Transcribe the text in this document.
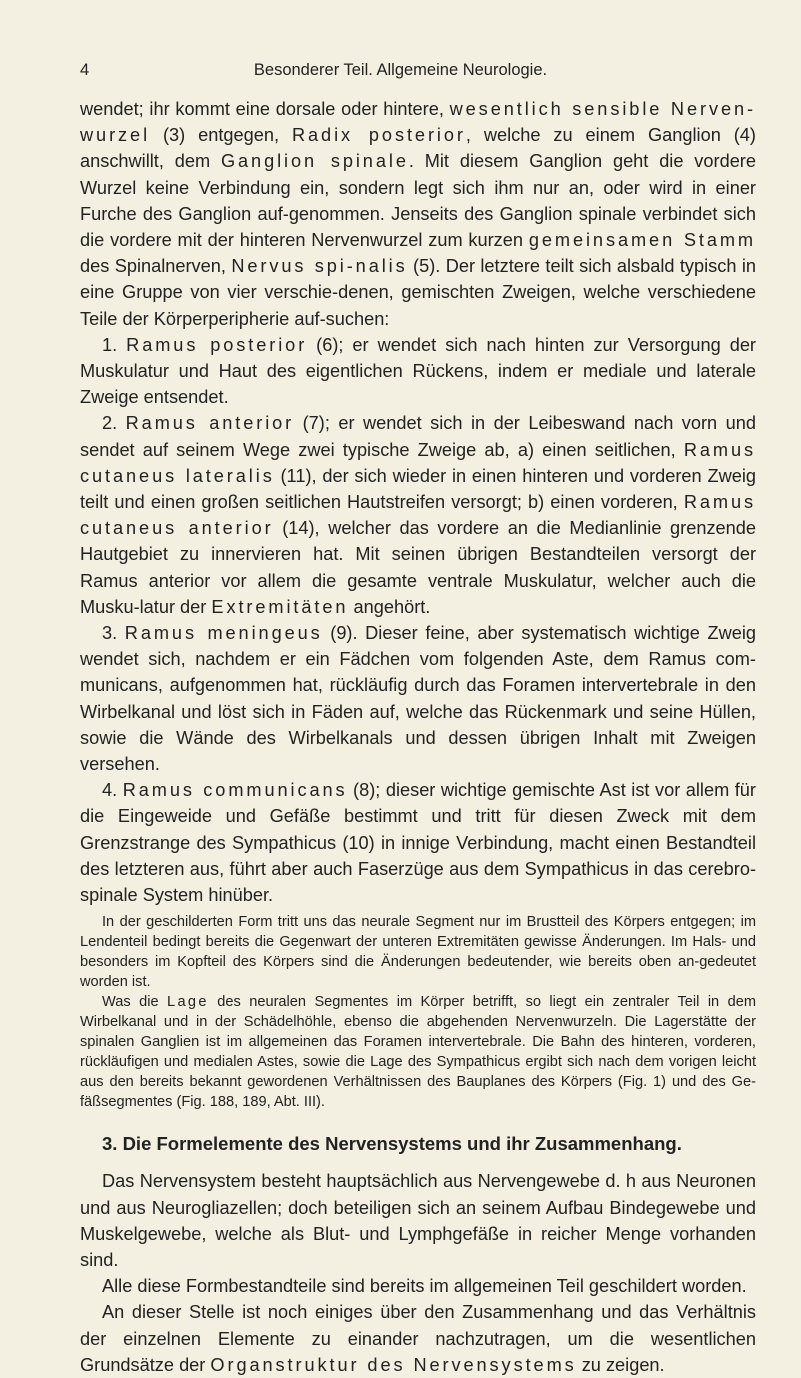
4	Besonderer Teil. Allgemeine Neurologie.

wendet; ihr kommt eine dorsale oder hintere, wesentlich sensible Nerven-wurzel (3) entgegen, Radix posterior, welche zu einem Ganglion (4) anschwillt, dem Ganglion spinale. Mit diesem Ganglion geht die vordere Wurzel keine Verbindung ein, sondern legt sich ihm nur an, oder wird in einer Furche des Ganglion auf-genommen. Jenseits des Ganglion spinale verbindet sich die vordere mit der hinteren Nervenwurzel zum kurzen gemeinsamen Stamm des Spinalnerven, Nervus spi-nalis (5). Der letztere teilt sich alsbald typisch in eine Gruppe von vier verschie-denen, gemischten Zweigen, welche verschiedene Teile der Körperperipherie auf-suchen:

1. Ramus posterior (6); er wendet sich nach hinten zur Versorgung der Muskulatur und Haut des eigentlichen Rückens, indem er mediale und laterale Zweige entsendet.

2. Ramus anterior (7); er wendet sich in der Leibeswand nach vorn und sendet auf seinem Wege zwei typische Zweige ab, a) einen seitlichen, Ramus cutaneus lateralis (11), der sich wieder in einen hinteren und vorderen Zweig teilt und einen großen seitlichen Hautstreifen versorgt; b) einen vorderen, Ramus cutaneus anterior (14), welcher das vordere an die Medianlinie grenzende Hautgebiet zu innervieren hat. Mit seinen übrigen Bestandteilen versorgt der Ramus anterior vor allem die gesamte ventrale Muskulatur, welcher auch die Musku-latur der Extremitäten angehört.

3. Ramus meningeus (9). Dieser feine, aber systematisch wichtige Zweig wendet sich, nachdem er ein Fädchen vom folgenden Aste, dem Ramus com-municans, aufgenommen hat, rückläufig durch das Foramen intervertebrale in den Wirbelkanal und löst sich in Fäden auf, welche das Rückenmark und seine Hüllen, sowie die Wände des Wirbelkanals und dessen übrigen Inhalt mit Zweigen versehen.

4. Ramus communicans (8); dieser wichtige gemischte Ast ist vor allem für die Eingeweide und Gefäße bestimmt und tritt für diesen Zweck mit dem Grenzstrange des Sympathicus (10) in innige Verbindung, macht einen Bestandteil des letzteren aus, führt aber auch Faserzüge aus dem Sympathicus in das cerebro-spinale System hinüber.

In der geschilderten Form tritt uns das neurale Segment nur im Brustteil des Körpers entgegen; im Lendenteil bedingt bereits die Gegenwart der unteren Extremitäten gewisse Änderungen. Im Hals- und besonders im Kopfteil des Körpers sind die Änderungen bedeutender, wie bereits oben an-gedeutet worden ist.

Was die Lage des neuralen Segmentes im Körper betrifft, so liegt ein zentraler Teil in dem Wirbelkanal und in der Schädelhöhle, ebenso die abgehenden Nervenwurzeln. Die Lagerstätte der spinalen Ganglien ist im allgemeinen das Foramen intervertebrale. Die Bahn des hinteren, vorderen, rückläufigen und medialen Astes, sowie die Lage des Sympathicus ergibt sich nach dem vorigen leicht aus den bereits bekannt gewordenen Verhältnissen des Bauplanes des Körpers (Fig. 1) und des Ge-fäßsegmentes (Fig. 188, 189, Abt. III).

3. Die Formelemente des Nervensystems und ihr Zusammenhang.

Das Nervensystem besteht hauptsächlich aus Nervengewebe d. h aus Neuronen und aus Neurogliazellen; doch beteiligen sich an seinem Aufbau Bindegewebe und Muskelgewebe, welche als Blut- und Lymphgefäße in reicher Menge vorhanden sind.

Alle diese Formbestandteile sind bereits im allgemeinen Teil geschildert worden.

An dieser Stelle ist noch einiges über den Zusammenhang und das Verhältnis der einzelnen Elemente zu einander nachzutragen, um die wesentlichen Grundsätze der Organstruktur des Nervensystems zu zeigen.
